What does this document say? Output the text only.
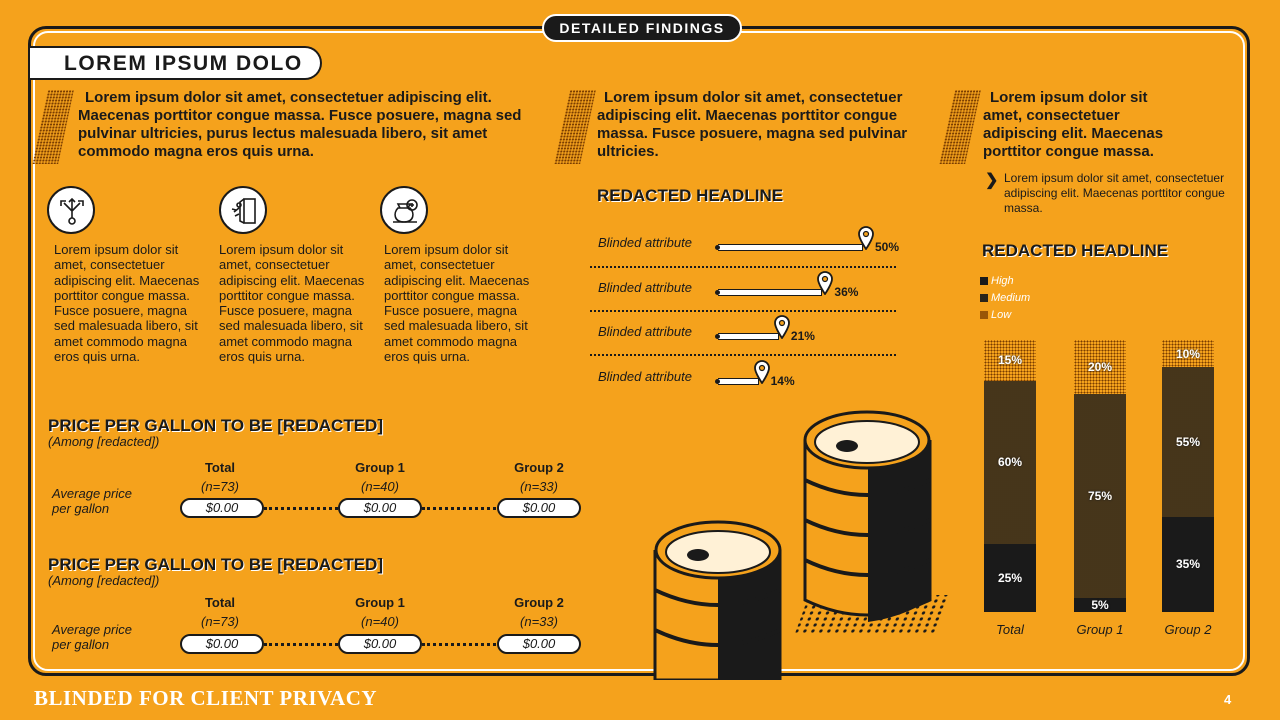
DETAILED FINDINGS
LOREM IPSUM DOLO
Lorem ipsum dolor sit amet, consectetuer adipiscing elit. Maecenas porttitor congue massa. Fusce posuere, magna sed pulvinar ultricies, purus lectus malesuada libero, sit amet commodo magna eros quis urna.
Lorem ipsum dolor sit amet, consectetuer adipiscing elit. Maecenas porttitor congue massa. Fusce posuere, magna sed pulvinar ultricies.
Lorem ipsum dolor sit amet, consectetuer adipiscing elit. Maecenas porttitor congue massa.
❯ Lorem ipsum dolor sit amet, consectetuer adipiscing elit. Maecenas porttitor congue massa.
Lorem ipsum dolor sit amet, consectetuer adipiscing elit. Maecenas porttitor congue massa. Fusce posuere, magna sed malesuada libero, sit amet commodo magna eros quis urna.
Lorem ipsum dolor sit amet, consectetuer adipiscing elit. Maecenas porttitor congue massa. Fusce posuere, magna sed malesuada libero, sit amet commodo magna eros quis urna.
Lorem ipsum dolor sit amet, consectetuer adipiscing elit. Maecenas porttitor congue massa. Fusce posuere, magna sed malesuada libero, sit amet commodo magna eros quis urna.
PRICE PER GALLON TO BE [REDACTED]
(Among [redacted])
Total	Group 1	Group 2
(n=73)	(n=40)	(n=33)
Average price per gallon	$0.00	$0.00	$0.00
PRICE PER GALLON TO BE [REDACTED]
(Among [redacted])
Total	Group 1	Group 2
(n=73)	(n=40)	(n=33)
Average price per gallon	$0.00	$0.00	$0.00
REDACTED HEADLINE
Blinded attribute	50%
Blinded attribute	36%
Blinded attribute	21%
Blinded attribute	14%
REDACTED HEADLINE
High
Medium
Low
25%
60%
15%
Total
5%
75%
20%
Group 1
35%
55%
10%
Group 2
BLINDED FOR CLIENT PRIVACY	4
